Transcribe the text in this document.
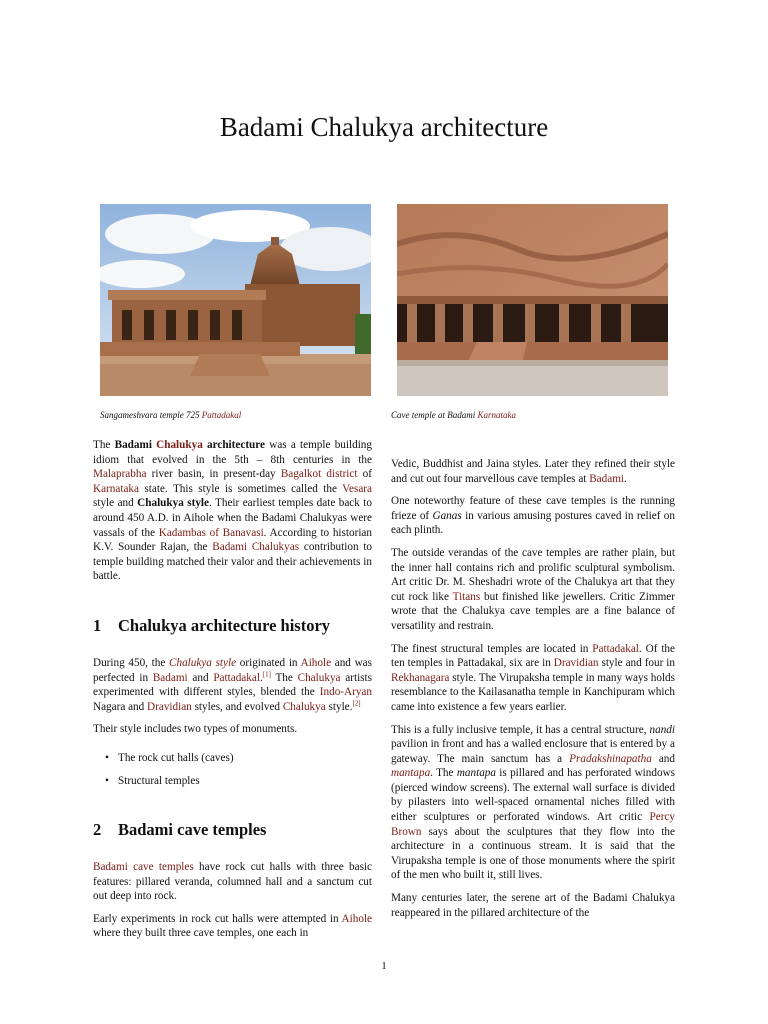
Badami Chalukya architecture
Sangameshvara temple 725 Pattadakal	Cave temple at Badami Karnataka

The Badami Chalukya architecture was a temple building idiom that evolved in the 5th – 8th centuries in the Malaprabha river basin, in present-day Bagalkot district of Karnataka state. This style is sometimes called the Vesara style and Chalukya style. Their earliest temples date back to around 450 A.D. in Aihole when the Badami Chalukyas were vassals of the Kadambas of Banavasi. According to historian K.V. Sounder Rajan, the Badami Chalukyas contribution to temple building matched their valor and their achievements in battle.

1 Chalukya architecture history

During 450, the Chalukya style originated in Aihole and was perfected in Badami and Pattadakal.[1] The Chalukya artists experimented with different styles, blended the Indo-Aryan Nagara and Dravidian styles, and evolved Chalukya style.[2]

Their style includes two types of monuments.

• The rock cut halls (caves)
• Structural temples
2 Badami cave temples

Badami cave temples have rock cut halls with three basic features: pillared veranda, columned hall and a sanctum cut out deep into rock.

Early experiments in rock cut halls were attempted in Aihole where they built three cave temples, one each in

Vedic, Buddhist and Jaina styles. Later they refined their style and cut out four marvellous cave temples at Badami.

One noteworthy feature of these cave temples is the running frieze of Ganas in various amusing postures caved in relief on each plinth.

The outside verandas of the cave temples are rather plain, but the inner hall contains rich and prolific sculptural symbolism. Art critic Dr. M. Sheshadri wrote of the Chalukya art that they cut rock like Titans but finished like jewellers. Critic Zimmer wrote that the Chalukya cave temples are a fine balance of versatility and restrain.

The finest structural temples are located in Pattadakal. Of the ten temples in Pattadakal, six are in Dravidian style and four in Rekhanagara style. The Virupaksha temple in many ways holds resemblance to the Kailasanatha temple in Kanchipuram which came into existence a few years earlier.

This is a fully inclusive temple, it has a central structure, nandi pavilion in front and has a walled enclosure that is entered by a gateway. The main sanctum has a Pradakshinapatha and mantapa. The mantapa is pillared and has perforated windows (pierced window screens). The external wall surface is divided by pilasters into well-spaced ornamental niches filled with either sculptures or perforated windows. Art critic Percy Brown says about the sculptures that they flow into the architecture in a continuous stream. It is said that the Virupaksha temple is one of those monuments where the spirit of the men who built it, still lives.

Many centuries later, the serene art of the Badami Chalukya reappeared in the pillared architecture of the

1
